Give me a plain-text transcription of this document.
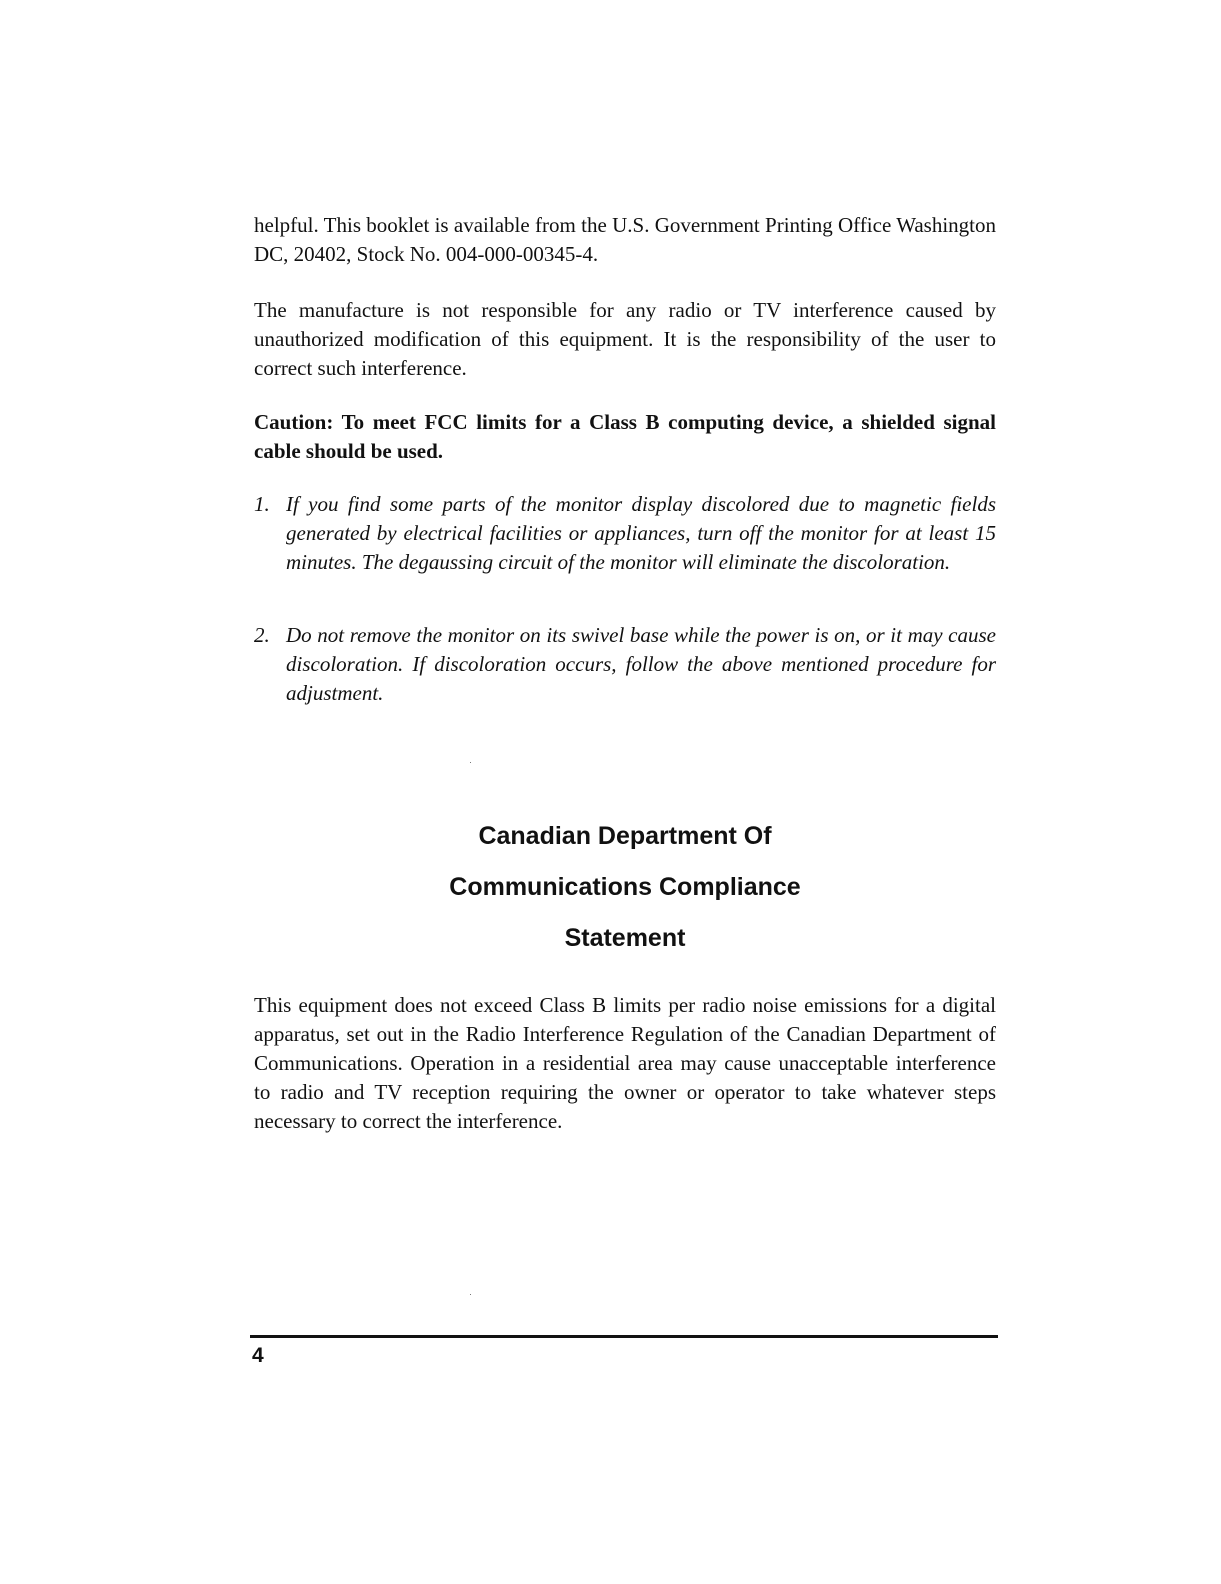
helpful. This booklet is available from the U.S. Government Printing Office Washington DC, 20402, Stock No. 004-000-00345-4.

The manufacture is not responsible for any radio or TV interference caused by unauthorized modification of this equipment. It is the responsibility of the user to correct such interference.

Caution: To meet FCC limits for a Class B computing device, a shielded signal cable should be used.

1. If you find some parts of the monitor display discolored due to magnetic fields generated by electrical facilities or appliances, turn off the monitor for at least 15 minutes. The degaussing circuit of the monitor will eliminate the discoloration.
2. Do not remove the monitor on its swivel base while the power is on, or it may cause discoloration. If discoloration occurs, follow the above mentioned procedure for adjustment.
Canadian Department Of
Communications Compliance
Statement

This equipment does not exceed Class B limits per radio noise emissions for a digital apparatus, set out in the Radio Interference Regulation of the Canadian Department of Communications. Operation in a residential area may cause unacceptable interference to radio and TV reception requiring the owner or operator to take whatever steps necessary to correct the interference.

4
